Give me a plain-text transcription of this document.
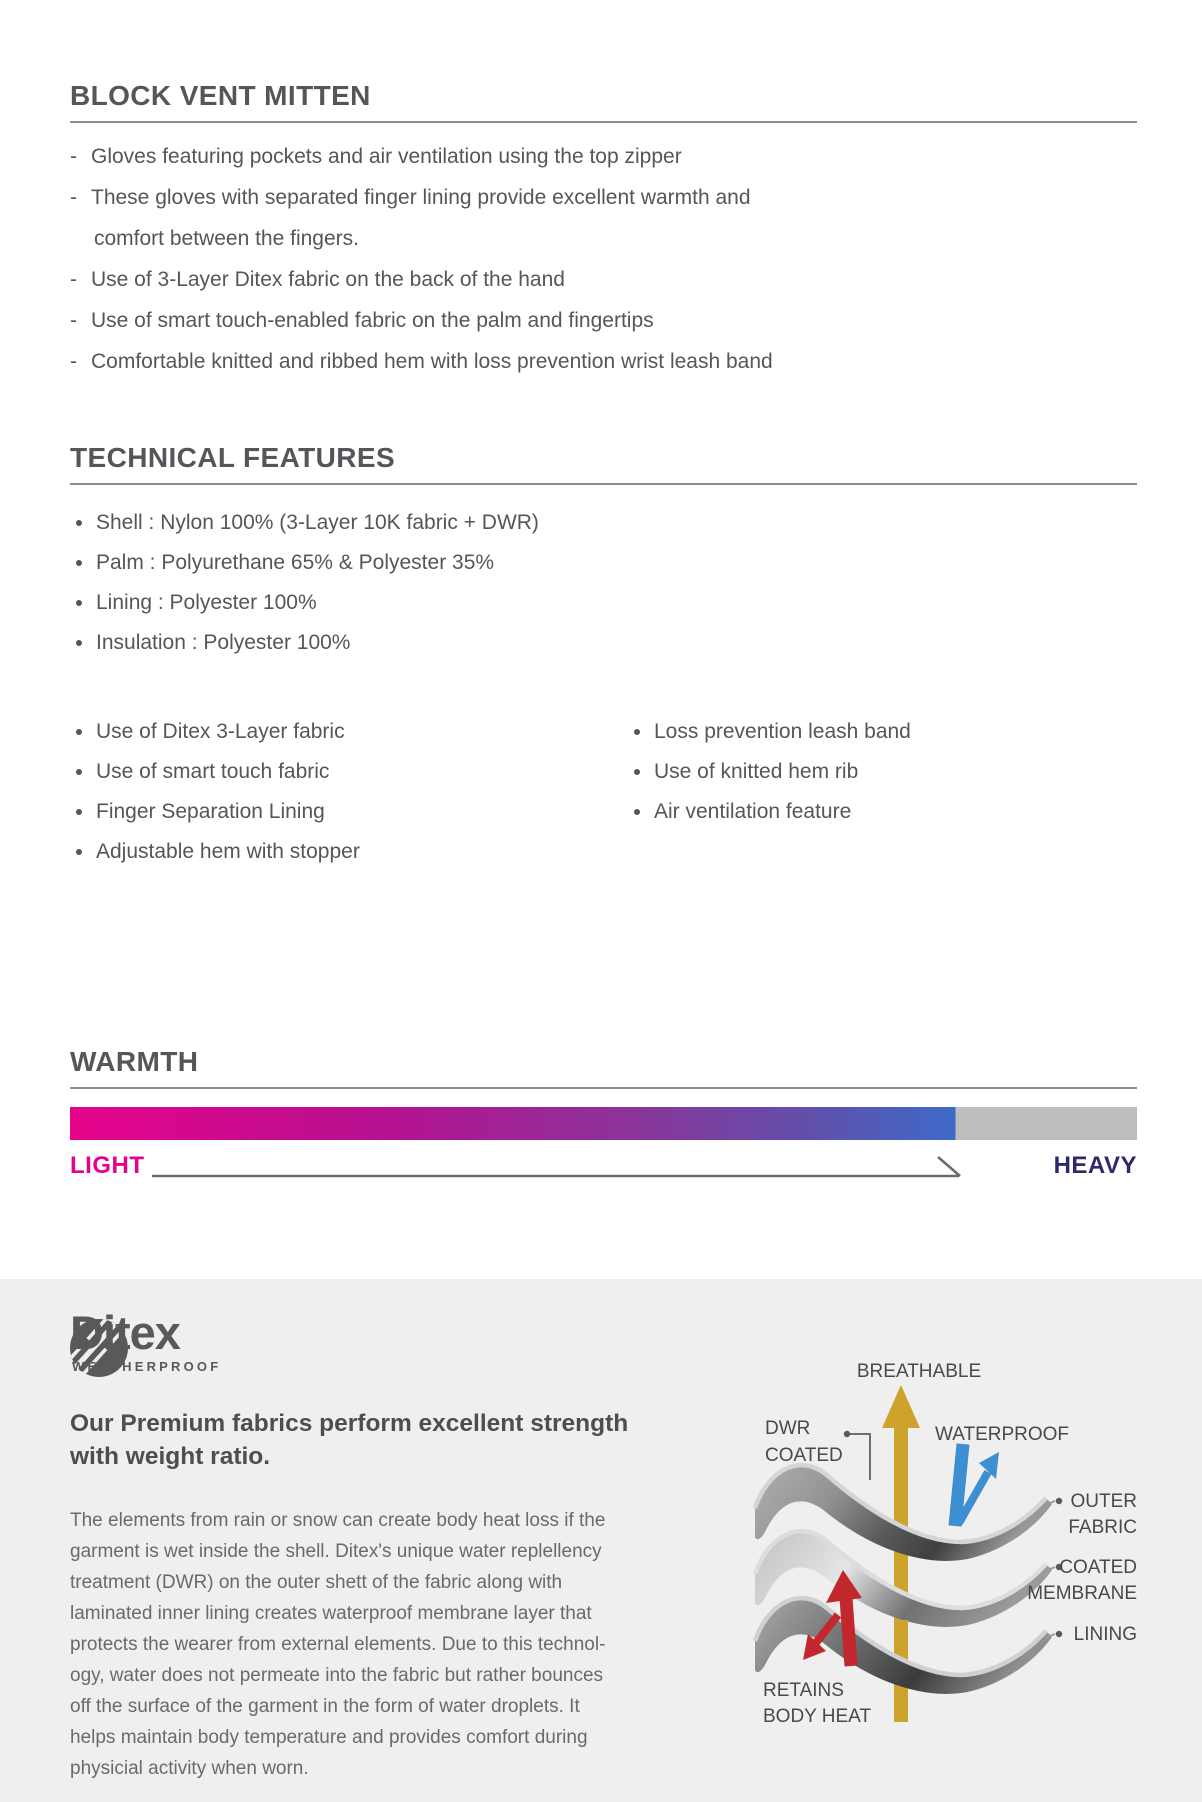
BLOCK VENT MITTEN
- Gloves featuring pockets and air ventilation using the top zipper
- These gloves with separated finger lining provide excellent warmth and
comfort between the fingers.
- Use of 3-Layer Ditex fabric on the back of the hand
- Use of smart touch-enabled fabric on the palm and fingertips
- Comfortable knitted and ribbed hem with loss prevention wrist leash band
TECHNICAL FEATURES
Shell : Nylon 100% (3-Layer 10K fabric + DWR)
Palm : Polyurethane 65% & Polyester 35%
Lining : Polyester 100%
Insulation : Polyester 100%
Use of Ditex 3-Layer fabric
Use of smart touch fabric
Finger Separation Lining
Adjustable hem with stopper
Loss prevention leash band
Use of knitted hem rib
Air ventilation feature
WARMTH
LIGHT	HEAVY
Ditex
WEATHERPROOF
Our Premium fabrics perform excellent strength
with weight ratio.
The elements from rain or snow can create body heat loss if the
garment is wet inside the shell. Ditex's unique water replellency
treatment (DWR) on the outer shett of the fabric along with
laminated inner lining creates waterproof membrane layer that
protects the wearer from external elements. Due to this technol-
ogy, water does not permeate into the fabric but rather bounces
off the surface of the garment in the form of water droplets. It
helps maintain body temperature and provides comfort during
physicial activity when worn.
BREATHABLE
DWR
COATED
WATERPROOF
OUTER
FABRIC
COATED
MEMBRANE
LINING
RETAINS
BODY HEAT
